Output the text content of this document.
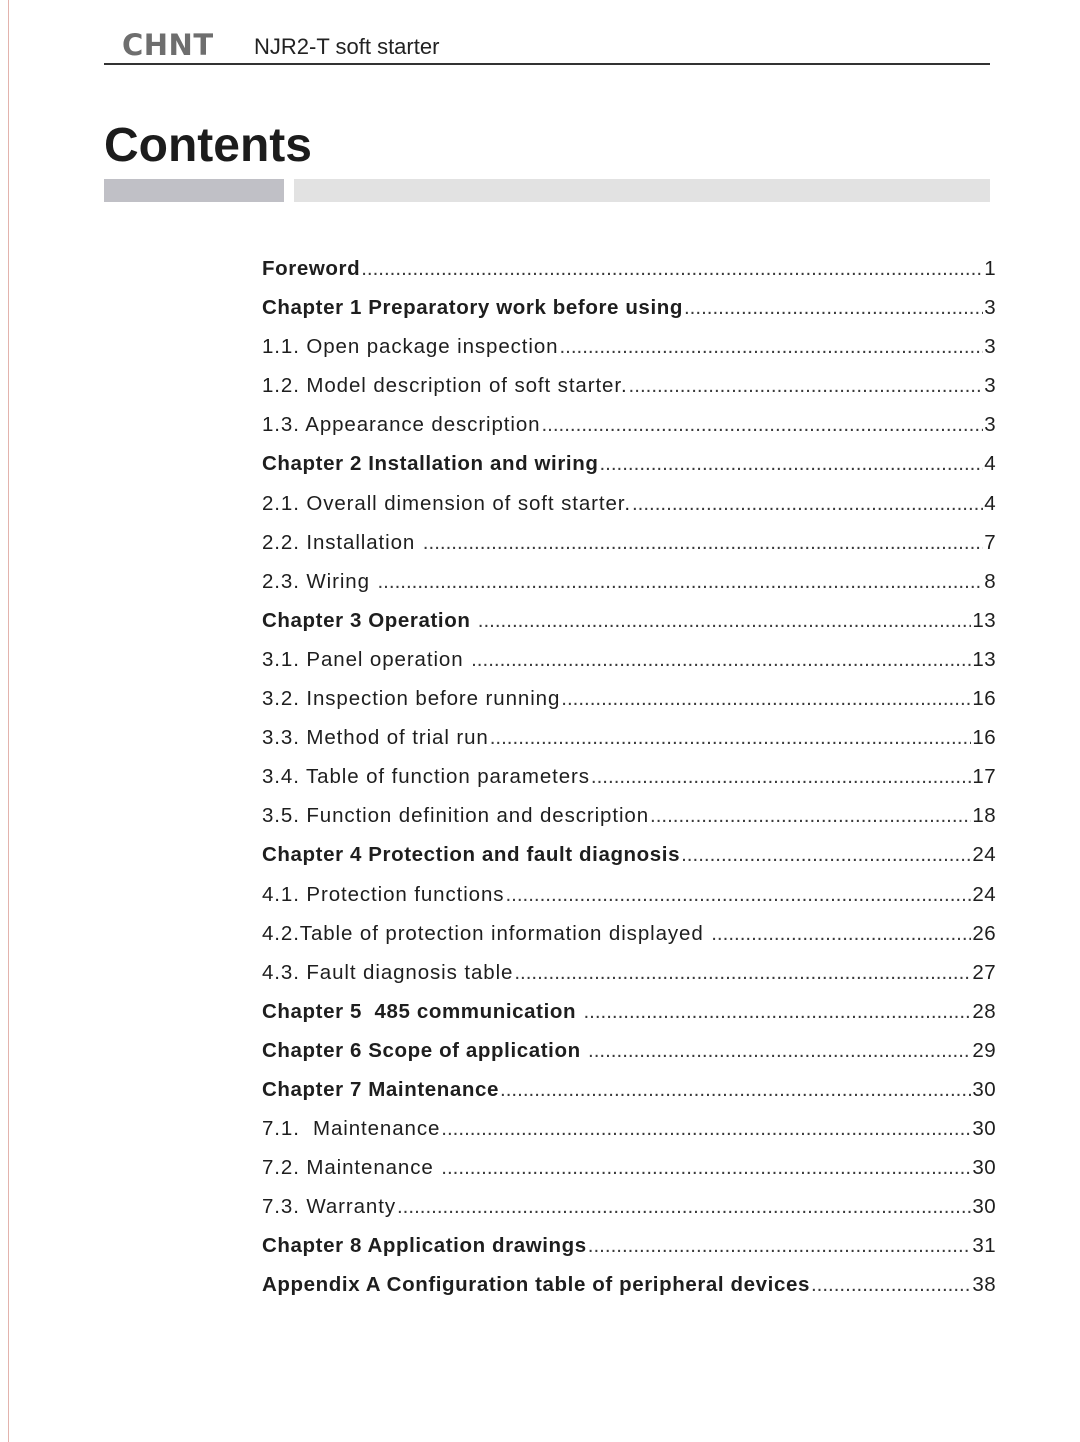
CHNT NJR2-T soft starter
Contents
Foreword .....	1
Chapter 1 Preparatory work before using .....	3
1.1. Open package inspection .....	3
1.2. Model description of soft starter. .....	3
1.3. Appearance description .....	3
Chapter 2 Installation and wiring .....	4
2.1. Overall dimension of soft starter. .....	4
2.2. Installation .....	7
2.3. Wiring .....	8
Chapter 3 Operation .....	13
3.1. Panel operation .....	13
3.2. Inspection before running .....	16
3.3. Method of trial run .....	16
3.4. Table of function parameters .....	17
3.5. Function definition and description .....	18
Chapter 4 Protection and fault diagnosis .....	24
4.1. Protection functions .....	24
4.2.Table of protection information displayed .....	26
4.3. Fault diagnosis table .....	27
Chapter 5  485 communication .....	28
Chapter 6 Scope of application .....	29
Chapter 7 Maintenance .....	30
7.1.  Maintenance .....	30
7.2. Maintenance .....	30
7.3. Warranty .....	30
Chapter 8 Application drawings .....	31
Appendix A Configuration table of peripheral devices .....	38
